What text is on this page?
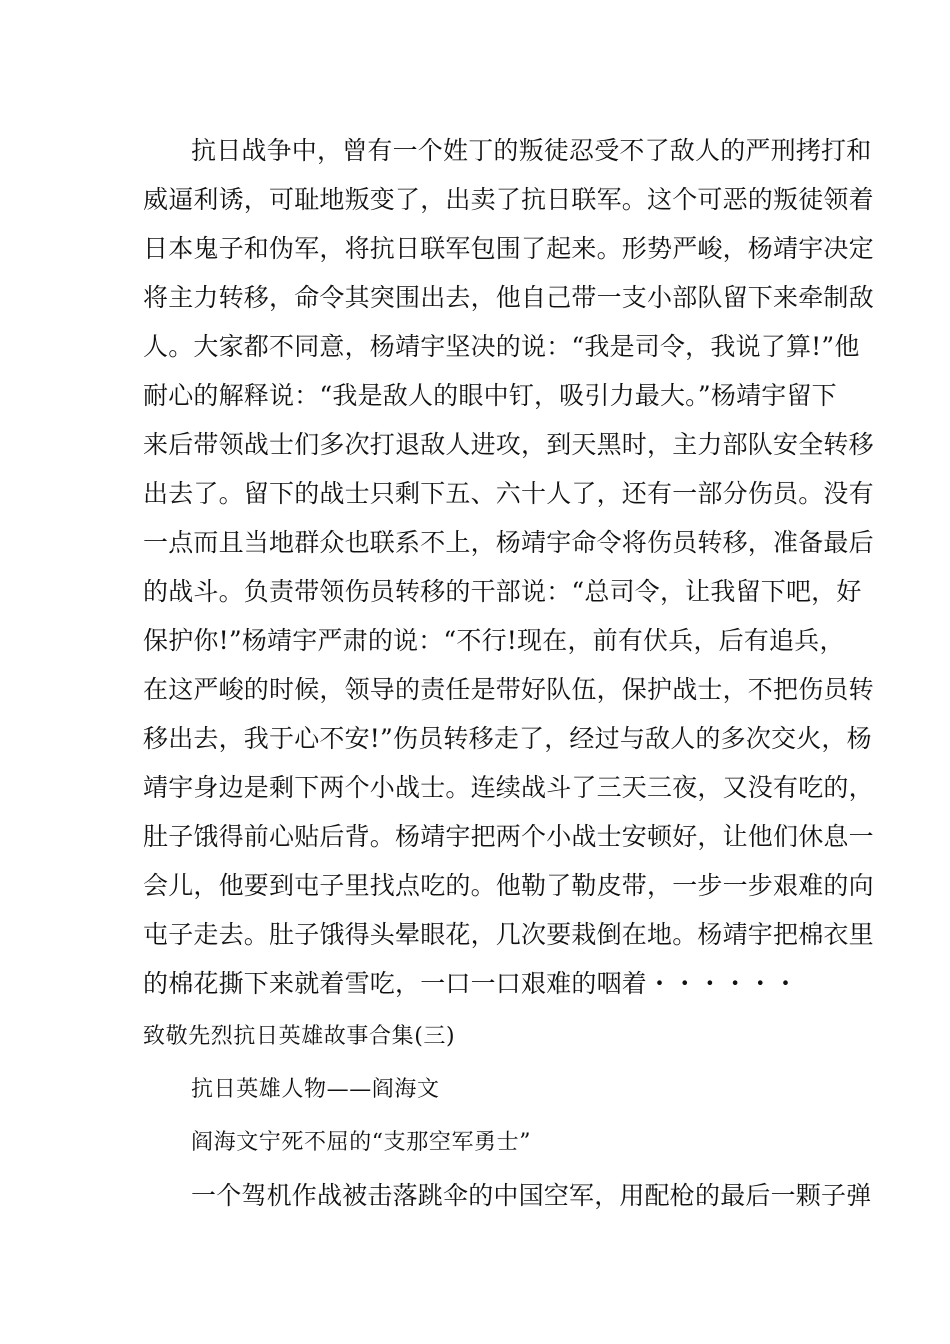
抗日战争中，曾有一个姓丁的叛徒忍受不了敌人的严刑拷打和
威逼利诱，可耻地叛变了，出卖了抗日联军。这个可恶的叛徒领着
日本鬼子和伪军，将抗日联军包围了起来。形势严峻，杨靖宇决定
将主力转移，命令其突围出去，他自己带一支小部队留下来牵制敌
人。大家都不同意，杨靖宇坚决的说：“我是司令，我说了算!”他
耐心的解释说：“我是敌人的眼中钉，吸引力最大。”杨靖宇留下
来后带领战士们多次打退敌人进攻，到天黑时，主力部队安全转移
出去了。留下的战士只剩下五、六十人了，还有一部分伤员。没有
一点而且当地群众也联系不上，杨靖宇命令将伤员转移，准备最后
的战斗。负责带领伤员转移的干部说：“总司令，让我留下吧，好
保护你!”杨靖宇严肃的说：“不行!现在，前有伏兵，后有追兵，
在这严峻的时候，领导的责任是带好队伍，保护战士，不把伤员转
移出去，我于心不安!”伤员转移走了，经过与敌人的多次交火，杨
靖宇身边是剩下两个小战士。连续战斗了三天三夜，又没有吃的，
肚子饿得前心贴后背。杨靖宇把两个小战士安顿好，让他们休息一
会儿，他要到屯子里找点吃的。他勒了勒皮带，一步一步艰难的向
屯子走去。肚子饿得头晕眼花，几次要栽倒在地。杨靖宇把棉衣里
的棉花撕下来就着雪吃，一口一口艰难的咽着・・・・・・
致敬先烈抗日英雄故事合集(三)
抗日英雄人物——阎海文
阎海文宁死不屈的“支那空军勇士”
一个驾机作战被击落跳伞的中国空军，用配枪的最后一颗子弹
